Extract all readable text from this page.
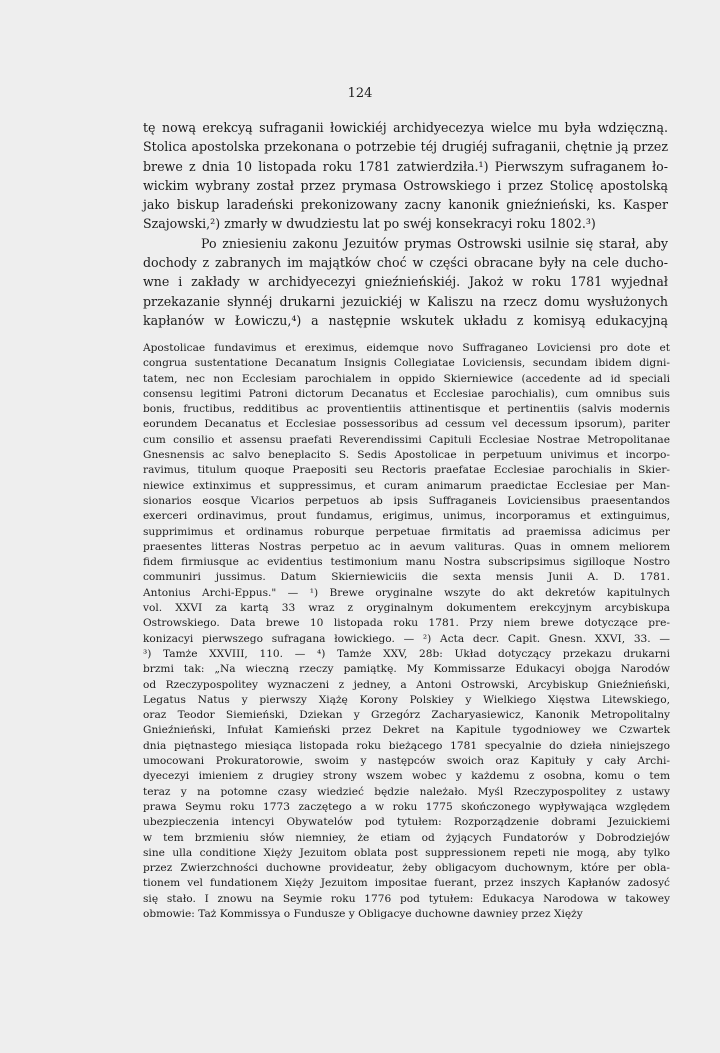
124

tę nową erekcyą sufraganii łowickiéj archidyecezya wielce mu była wdzięczną.
Stolica apostolska przekonana o potrzebie téj drugiéj sufraganii, chętnie ją przez
brewe z dnia 10 listopada roku 1781 zatwierdziła.¹) Pierwszym sufraganem ło-
wickim wybrany został przez prymasa Ostrowskiego i przez Stolicę apostolską
jako biskup laradeński prekonizowany zacny kanonik gnieźnieński, ks. Kasper
Szajowski,²) zmarły w dwudziestu lat po swéj konsekracyi roku 1802.³)

Po zniesieniu zakonu Jezuitów prymas Ostrowski usilnie się starał, aby
dochody z zabranych im majątków choć w części obracane były na cele ducho-
wne i zakłady w archidyecezyi gnieźnieńskiéj. Jakoż w roku 1781 wyjednał
przekazanie słynnéj drukarni jezuickiéj w Kaliszu na rzecz domu wysłużonych
kapłanów w Łowiczu,⁴) a następnie wskutek układu z komisyą edukacyjną

Apostolicae fundavimus et ereximus, eidemque novo Suffraganeo Loviciensi pro dote et
congrua sustentatione Decanatum Insignis Collegiatae Loviciensis, secundam ibidem digni-
tatem, nec non Ecclesiam parochialem in oppido Skierniewice (accedente ad id speciali
consensu legitimi Patroni dictorum Decanatus et Ecclesiae parochialis), cum omnibus suis
bonis, fructibus, redditibus ac proventientiis attinentisque et pertinentiis (salvis modernis
eorundem Decanatus et Ecclesiae possessoribus ad cessum vel decessum ipsorum), pariter
cum consilio et assensu praefati Reverendissimi Capituli Ecclesiae Nostrae Metropolitanae
Gnesnensis ac salvo beneplacito S. Sedis Apostolicae in perpetuum univimus et incorpo-
ravimus, titulum quoque Praepositi seu Rectoris praefatae Ecclesiae parochialis in Skier-
niewice extinximus et suppressimus, et curam animarum praedictae Ecclesiae per Man-
sionarios eosque Vicarios perpetuos ab ipsis Suffraganeis Loviciensibus praesentandos
exerceri ordinavimus, prout fundamus, erigimus, unimus, incorporamus et extinguimus,
supprimimus et ordinamus roburque perpetuae firmitatis ad praemissa adicimus per
praesentes litteras Nostras perpetuo ac in aevum valituras. Quas in omnem meliorem
fidem firmiusque ac evidentius testimonium manu Nostra subscripsimus sigilloque Nostro
communiri jussimus. Datum Skierniewiciis die sexta mensis Junii A. D. 1781.
Antonius Archi-Eppus." — ¹) Brewe oryginalne wszyte do akt dekretów kapitulnych
vol. XXVI za kartą 33 wraz z oryginalnym dokumentem erekcyjnym arcybiskupa
Ostrowskiego. Data brewe 10 listopada roku 1781. Przy niem brewe dotyczące pre-
konizacyi pierwszego sufragana łowickiego. — ²) Acta decr. Capit. Gnesn. XXVI, 33. —
³) Tamże XXVIII, 110. — ⁴) Tamże XXV, 28b: Układ dotyczący przekazu drukarni
brzmi tak: „Na wieczną rzeczy pamiątkę. My Kommissarze Edukacyi obojga Narodów
od Rzeczypospolitey wyznaczeni z jedney, a Antoni Ostrowski, Arcybiskup Gnieźnieński,
Legatus Natus y pierwszy Xiążę Korony Polskiey y Wielkiego Xięstwa Litewskiego,
oraz Teodor Siemieński, Dziekan y Grzegórz Zacharyasiewicz, Kanonik Metropolitalny
Gnieźnieński, Infułat Kamieński przez Dekret na Kapitule tygodniowey we Czwartek
dnia piętnastego miesiąca listopada roku bieżącego 1781 specyalnie do dzieła niniejszego
umocowani Prokuratorowie, swoim y następców swoich oraz Kapituły y cały Archi-
dyecezyi imieniem z drugiey strony wszem wobec y każdemu z osobna, komu o tem
teraz y na potomne czasy wiedzieć będzie należało. Myśl Rzeczypospolitey z ustawy
prawa Seymu roku 1773 zaczętego a w roku 1775 skończonego wypływająca względem
ubezpieczenia intencyi Obywatelów pod tytułem: Rozporządzenie dobrami Jezuickiemi
w tem brzmieniu słów niemniey, że etiam od żyjących Fundatorów y Dobrodziejów
sine ulla conditione Xięży Jezuitom oblata post suppressionem repeti nie mogą, aby tylko
przez Zwierzchności duchowne provideatur, żeby obligacyom duchownym, które per obla-
tionem vel fundationem Xięży Jezuitom impositae fuerant, przez inszych Kapłanów zadosyć
się stało. I znowu na Seymie roku 1776 pod tytułem: Edukacya Narodowa w takowey
obmowie: Taż Kommissya o Fundusze y Obligacye duchowne dawniey przez Xięży
